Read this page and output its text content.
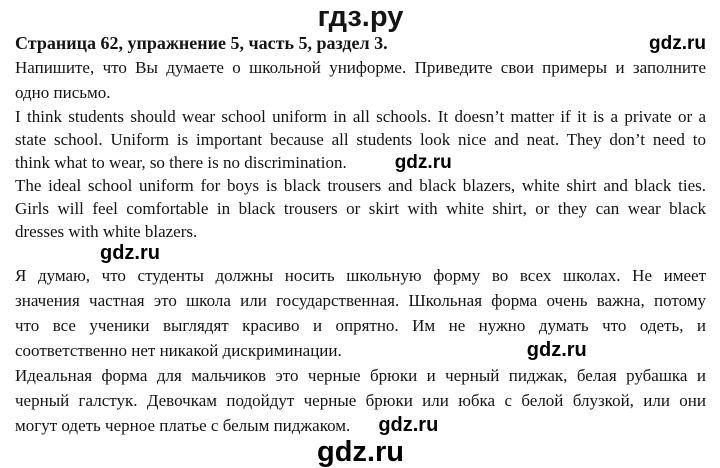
гдз.ру
Страница 62, упражнение 5, часть 5, раздел 3.	gdz.ru
Напишите, что Вы думаете о школьной униформе. Приведите свои примеры и заполните
одно письмо.
I think students should wear school uniform in all schools. It doesn’t matter if it is a private or a
state school. Uniform is important because all students look nice and neat. They don’t need to
think what to wear, so there is no discrimination.	gdz.ru
The ideal school uniform for boys is black trousers and black blazers, white shirt and black ties.
Girls will feel comfortable in black trousers or skirt with white shirt, or they can wear black
dresses with white blazers.
gdz.ru
Я думаю, что студенты должны носить школьную форму во всех школах. Не имеет
значения частная это школа или государственная. Школьная форма очень важна, потому
что все ученики выглядят красиво и опрятно. Им не нужно думать что одеть, и
соответственно нет никакой дискриминации.	gdz.ru
Идеальная форма для мальчиков это черные брюки и черный пиджак, белая рубашка и
черный галстук. Девочкам подойдут черные брюки или юбка с белой блузкой, или они
могут одеть черное платье с белым пиджаком. gdz.ru
gdz.ru
